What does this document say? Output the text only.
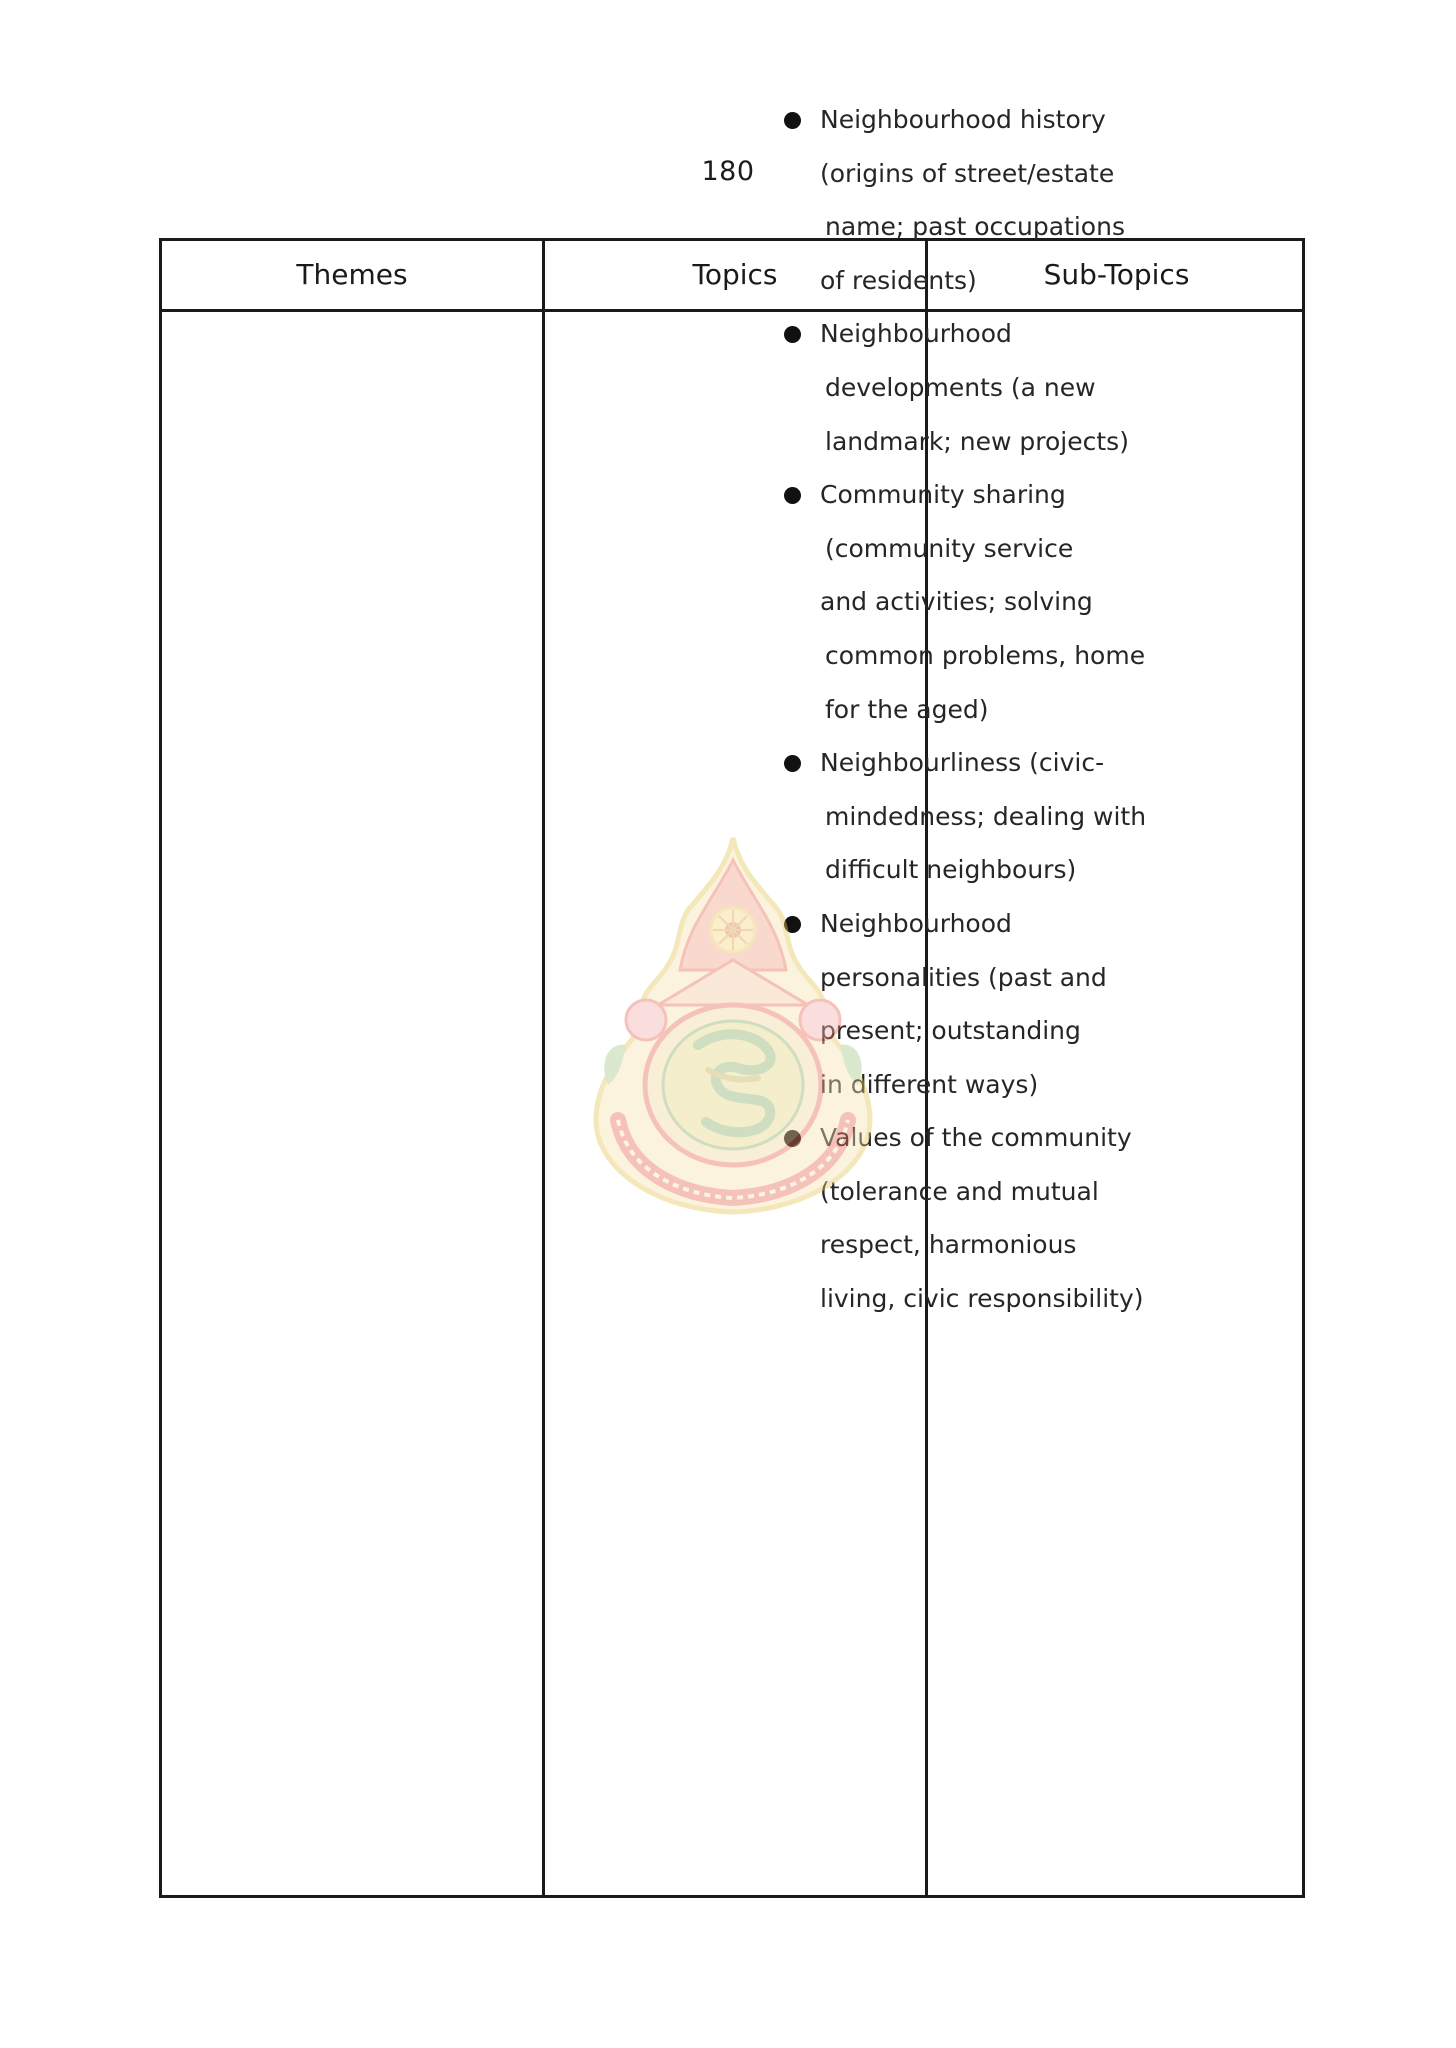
180
Themes	Topics	Sub-Topics
Neighbourhood history
(origins of street/estate
name; past occupations
of residents)
Neighbourhood
developments (a new
landmark; new projects)
Community sharing
(community service
and activities; solving
common problems, home
for the aged)
Neighbourliness (civic-
mindedness; dealing with
difficult neighbours)
Neighbourhood
personalities (past and
present; outstanding
in different ways)
Values of the community
(tolerance and mutual
respect, harmonious
living, civic responsibility)
